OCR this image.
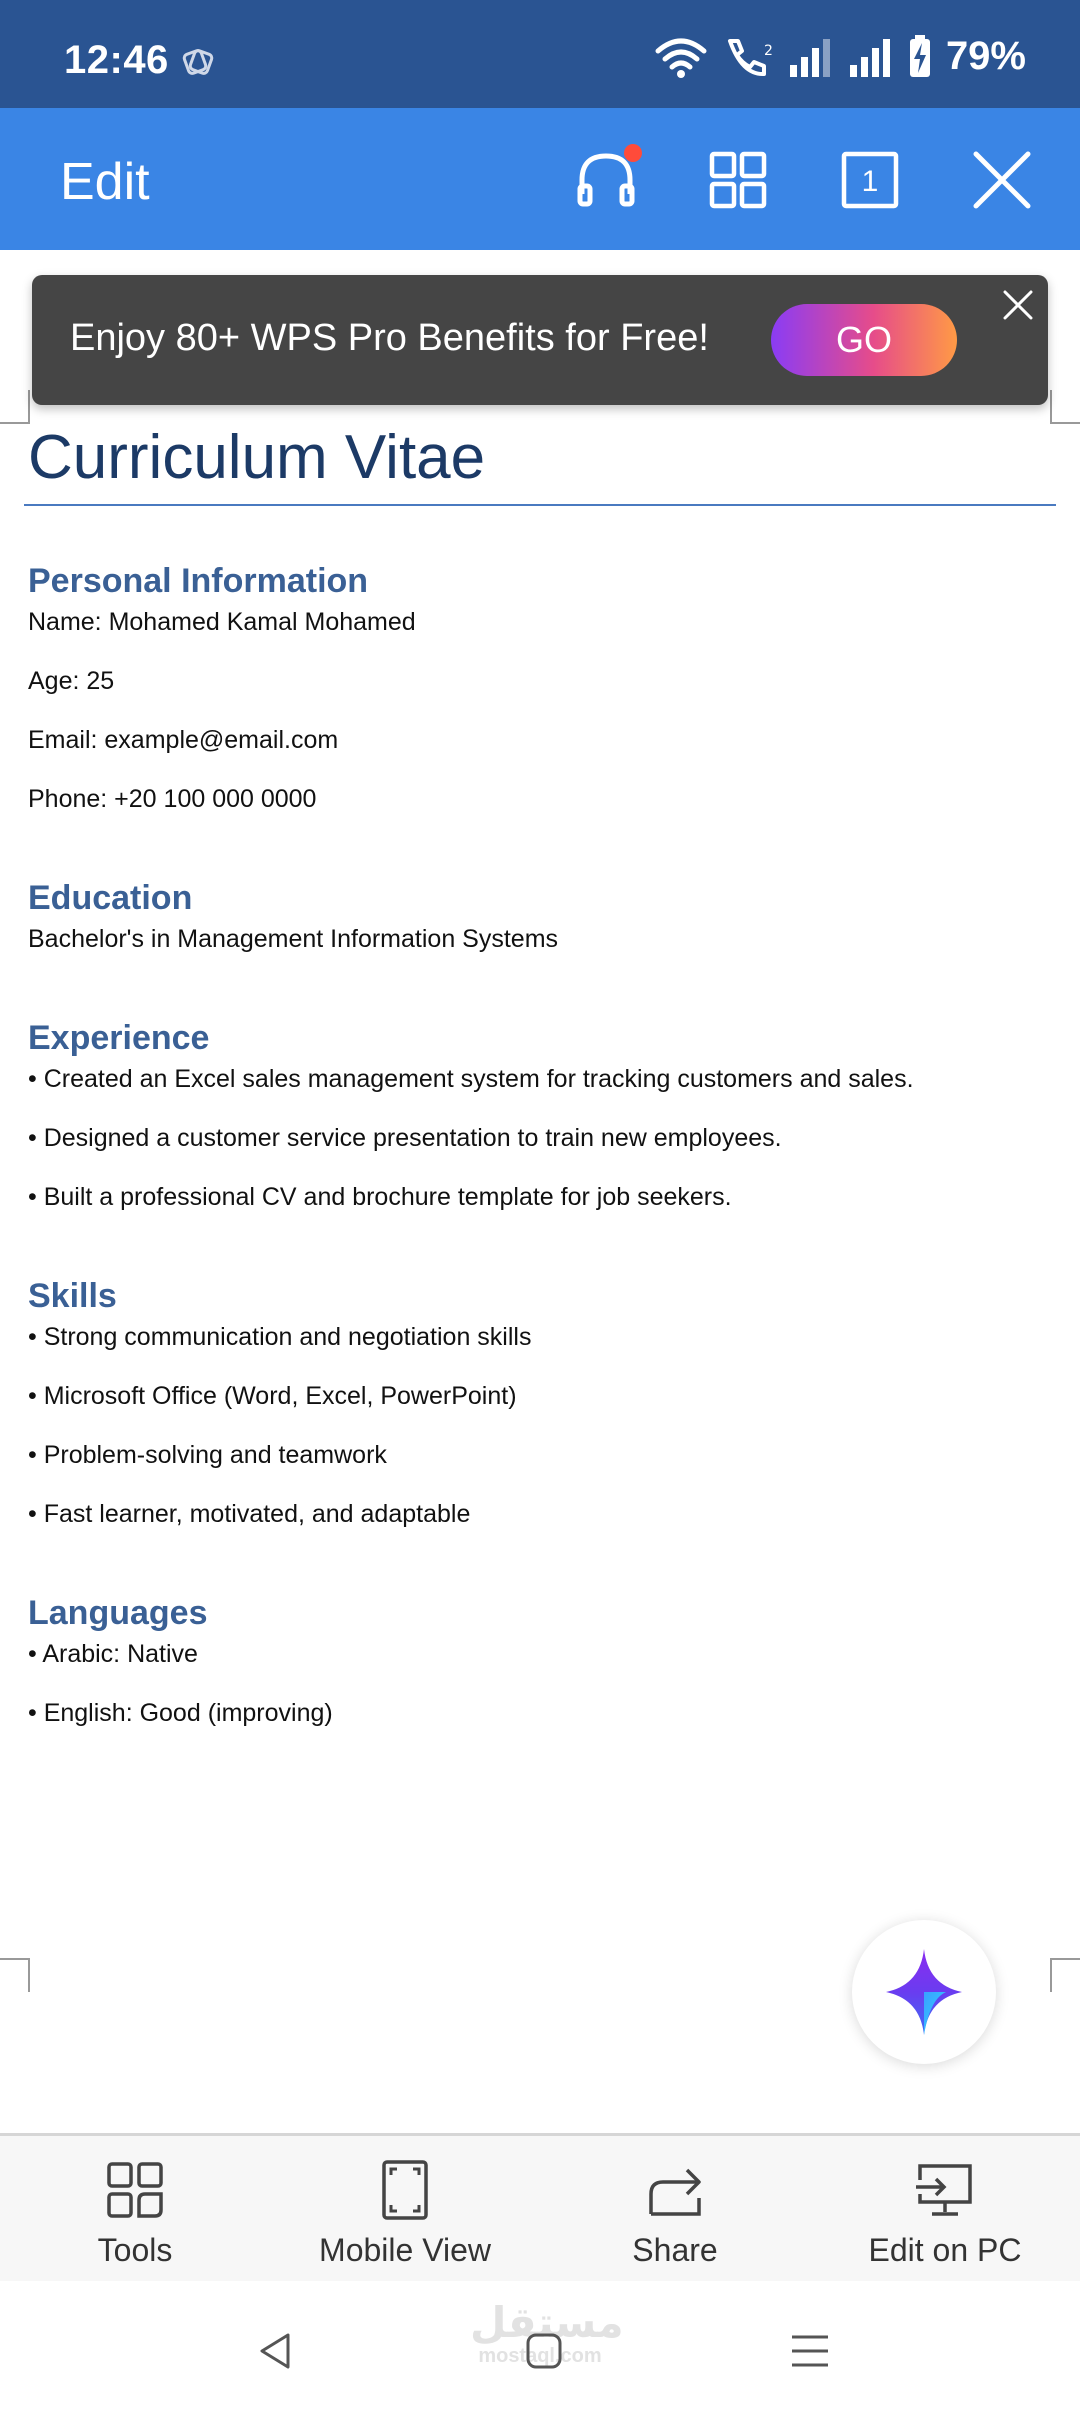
12:46	2	79%
Edit	1
Curriculum Vitae
Personal Information
Name: Mohamed Kamal Mohamed
Age: 25
Email: example@email.com
Phone: +20 100 000 0000
Education
Bachelor's in Management Information Systems
Experience
• Created an Excel sales management system for tracking customers and sales.
• Designed a customer service presentation to train new employees.
• Built a professional CV and brochure template for job seekers.
Skills
• Strong communication and negotiation skills
• Microsoft Office (Word, Excel, PowerPoint)
• Problem-solving and teamwork
• Fast learner, motivated, and adaptable
Languages
• Arabic: Native
• English: Good (improving)
Enjoy 80+ WPS Pro Benefits for Free!	GO
Tools	Mobile View	Share	Edit on PC
مستقل
mostaql.com
